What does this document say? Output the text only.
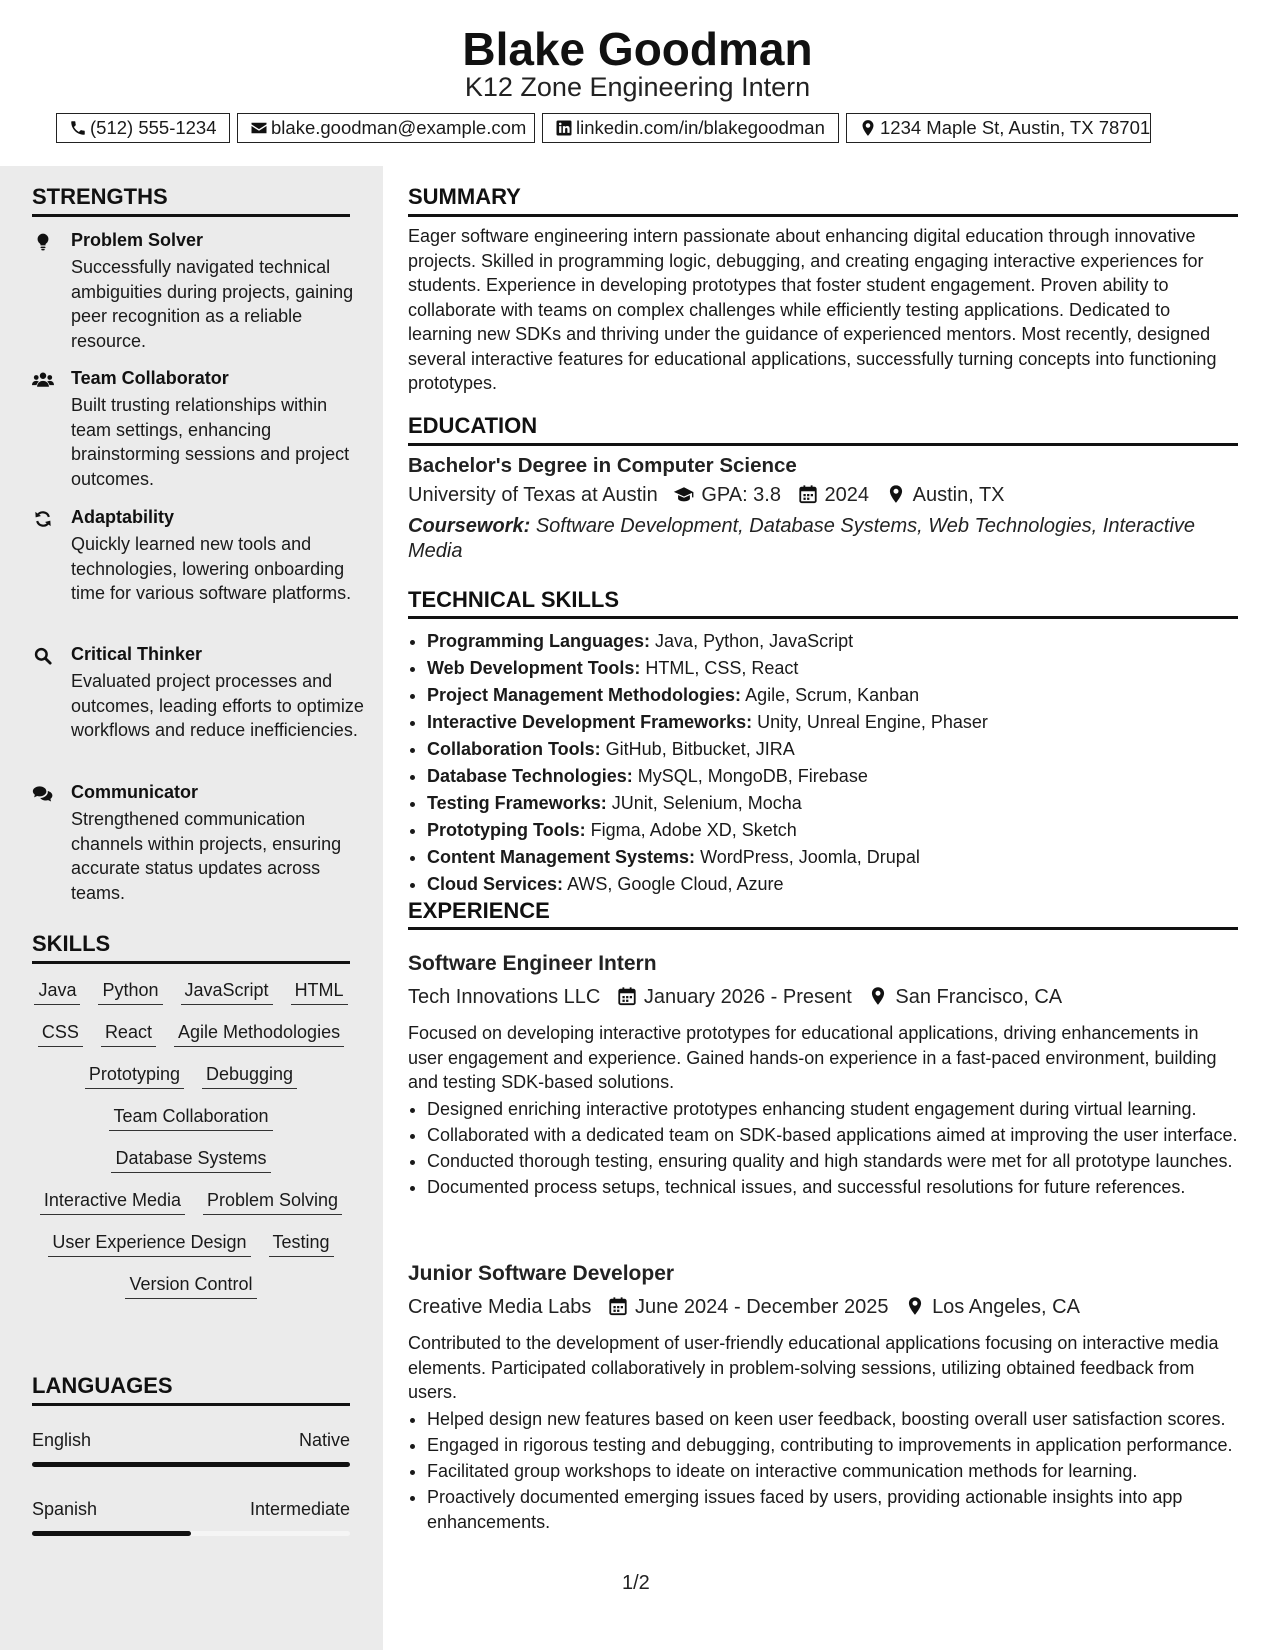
Blake Goodman
K12 Zone Engineering Intern
(512) 555-1234	blake.goodman@example.com	linkedin.com/in/blakegoodman	1234 Maple St, Austin, TX 78701
STRENGTHS
Problem Solver
Successfully navigated technical ambiguities during projects, gaining peer recognition as a reliable resource.
Team Collaborator
Built trusting relationships within team settings, enhancing brainstorming sessions and project outcomes.
Adaptability
Quickly learned new tools and technologies, lowering onboarding time for various software platforms.
Critical Thinker
Evaluated project processes and outcomes, leading efforts to optimize workflows and reduce inefficiencies.
Communicator
Strengthened communication channels within projects, ensuring accurate status updates across teams.
SKILLS
Java Python JavaScript HTML
CSS React Agile Methodologies
Prototyping Debugging
Team Collaboration
Database Systems
Interactive Media Problem Solving
User Experience Design Testing
Version Control
LANGUAGES
English	Native
Spanish	Intermediate
SUMMARY
Eager software engineering intern passionate about enhancing digital education through innovative projects. Skilled in programming logic, debugging, and creating engaging interactive experiences for students. Experience in developing prototypes that foster student engagement. Proven ability to collaborate with teams on complex challenges while efficiently testing applications. Dedicated to learning new SDKs and thriving under the guidance of experienced mentors. Most recently, designed several interactive features for educational applications, successfully turning concepts into functioning prototypes.
EDUCATION
Bachelor's Degree in Computer Science
University of Texas at Austin GPA: 3.8 2024 Austin, TX
Coursework: Software Development, Database Systems, Web Technologies, Interactive Media
TECHNICAL SKILLS
• Programming Languages: Java, Python, JavaScript
• Web Development Tools: HTML, CSS, React
• Project Management Methodologies: Agile, Scrum, Kanban
• Interactive Development Frameworks: Unity, Unreal Engine, Phaser
• Collaboration Tools: GitHub, Bitbucket, JIRA
• Database Technologies: MySQL, MongoDB, Firebase
• Testing Frameworks: JUnit, Selenium, Mocha
• Prototyping Tools: Figma, Adobe XD, Sketch
• Content Management Systems: WordPress, Joomla, Drupal
• Cloud Services: AWS, Google Cloud, Azure
EXPERIENCE
Software Engineer Intern
Tech Innovations LLC January 2026 - Present San Francisco, CA
Focused on developing interactive prototypes for educational applications, driving enhancements in user engagement and experience. Gained hands-on experience in a fast-paced environment, building and testing SDK-based solutions.
• Designed enriching interactive prototypes enhancing student engagement during virtual learning.
• Collaborated with a dedicated team on SDK-based applications aimed at improving the user interface.
• Conducted thorough testing, ensuring quality and high standards were met for all prototype launches.
• Documented process setups, technical issues, and successful resolutions for future references.
Junior Software Developer
Creative Media Labs June 2024 - December 2025 Los Angeles, CA
Contributed to the development of user-friendly educational applications focusing on interactive media elements. Participated collaboratively in problem-solving sessions, utilizing obtained feedback from users.
• Helped design new features based on keen user feedback, boosting overall user satisfaction scores.
• Engaged in rigorous testing and debugging, contributing to improvements in application performance.
• Facilitated group workshops to ideate on interactive communication methods for learning.
• Proactively documented emerging issues faced by users, providing actionable insights into app enhancements.
1/2
